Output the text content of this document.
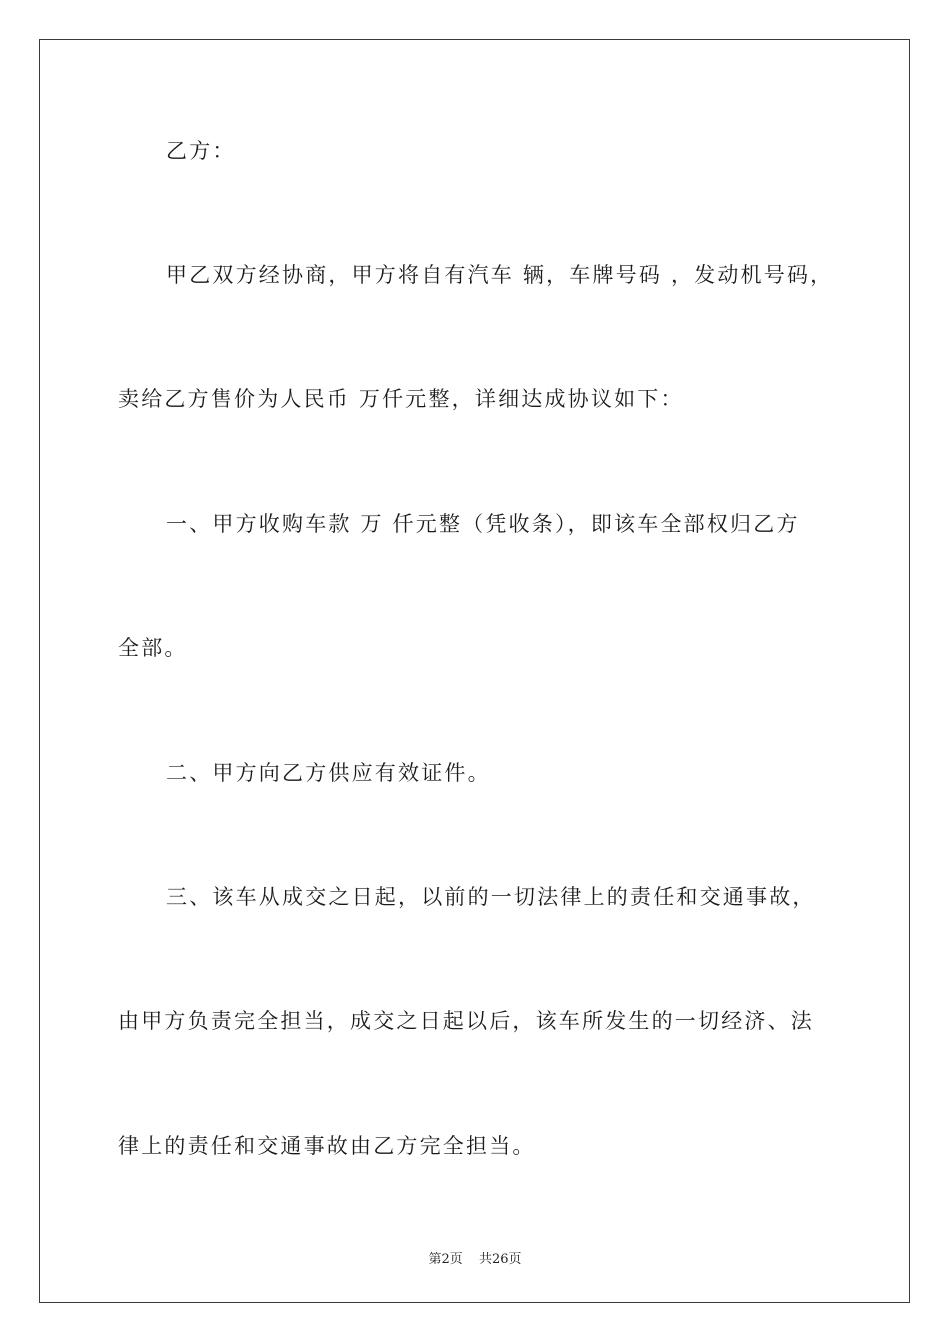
乙方：
甲乙双方经协商，甲方将自有汽车 辆，车牌号码 ，发动机号码，
卖给乙方售价为人民币 万仟元整，详细达成协议如下：
一、甲方收购车款 万 仟元整（凭收条），即该车全部权归乙方
全部。
二、甲方向乙方供应有效证件。
三、该车从成交之日起，以前的一切法律上的责任和交通事故，
由甲方负责完全担当，成交之日起以后，该车所发生的一切经济、法
律上的责任和交通事故由乙方完全担当。
第2页 共26页
